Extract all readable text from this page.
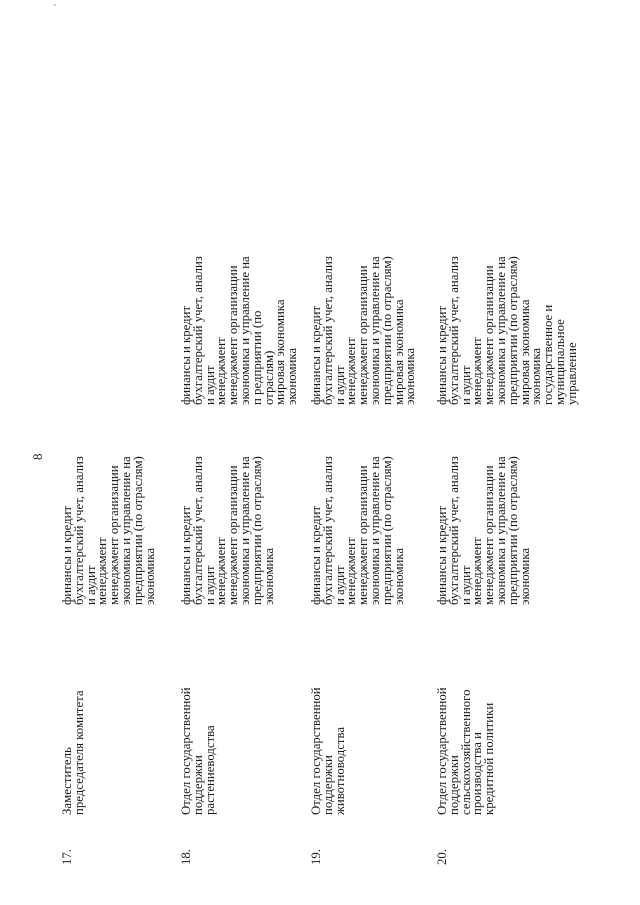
8
17.
Заместитель председателя комитета
финансы и кредит
бухгалтерский учет, анализ и аудит
менеджмент
менеджмент организации
экономика и управление на предприятии (по отраслям)
экономика
18.
Отдел государственной поддержки растениеводства
финансы и кредит
бухгалтерский учет, анализ и аудит
менеджмент
менеджмент организации
экономика и управление на предприятии (по отраслям)
экономика
финансы и кредит
бухгалтерский учет, анализ и аудит
менеджмент
менеджмент организации
экономика и управление на п редприятии (по отраслям)
мировая экономика
экономика
19.
Отдел государственной поддержки животноводства
финансы и кредит
бухгалтерский учет, анализ и аудит
менеджмент
менеджмент организации
экономика и управление на предприятии (по отраслям)
экономика
финансы и кредит
бухгалтерский учет, анализ и аудит
менеджмент
менеджмент организации
экономика и управление на предприятии (по отраслям)
мировая экономика
экономика
20.
Отдел государственной поддержки сельскохозяйственного производства и кредитной политики
финансы и кредит
бухгалтерский учет, анализ и аудит
менеджмент
менеджмент организации
экономика и управление на предприятии (по отраслям)
экономика
финансы и кредит
бухгалтерский учет, анализ и аудит
менеджмент
менеджмент организации
экономика и управление на предприятии (по отраслям)
мировая экономика
экономика
государственное и муниципальное управление
